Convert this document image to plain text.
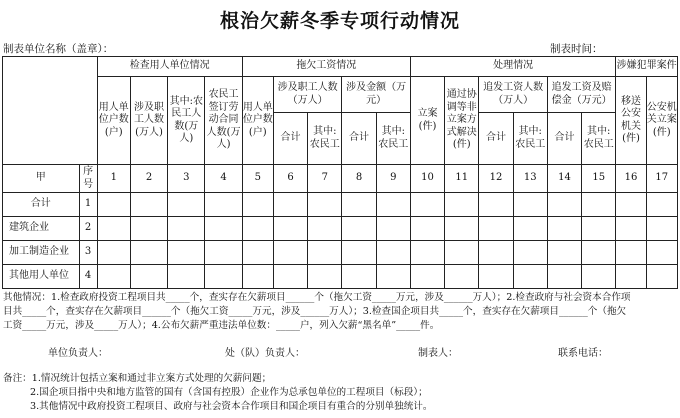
根治欠薪冬季专项行动情况
制表单位名称（盖章）：	制表时间：
		检查用人单位情况				拖欠工资情况					处理情况						涉嫌犯罪案件	
		用人单位户数(户)	涉及职工人数(万人)	其中:农民工人数(万人)	农民工签订劳动合同人数(万人)	用人单位户数(户)	涉及职工人数（万人）		涉及金额（万元）		立案(件)	通过协调等非立案方式解决(件)	追发工资人数（万人）		追发工资及赔偿金（万元）		移送公安机关(件)	公安机关立案(件)
							合计	其中:农民工	合计	其中:农民工			合计	其中:农民工	合计	其中:农民工		
甲	序号	1	2	3	4	5	6	7	8	9	10	11	12	13	14	15	16	17
合计	1																	
建筑企业	2																	
加工制造企业	3																	
其他用人单位	4																	
其他情况：1.检查政府投资工程项目共_____个，查实存在欠薪项目______个（拖欠工资_____万元，涉及______万人）；2.检查政府与社会资本合作项
目共_____个，查实存在欠薪项目______个（拖欠工资_____万元，涉及______万人）；3.检查国企项目共_____个，查实存在欠薪项目______个（拖欠
工资_____万元，涉及_____万人）；4.公布欠薪严重违法单位数：_____户，列入欠薪“黑名单”_____件。
单位负责人：	处（队）负责人：	制表人：	联系电话：
备注：1.情况统计包括立案和通过非立案方式处理的欠薪问题；
2.国企项目指中央和地方监管的国有（含国有控股）企业作为总承包单位的工程项目（标段）；
3.其他情况中政府投资工程项目、政府与社会资本合作项目和国企项目有重合的分别单独统计。
